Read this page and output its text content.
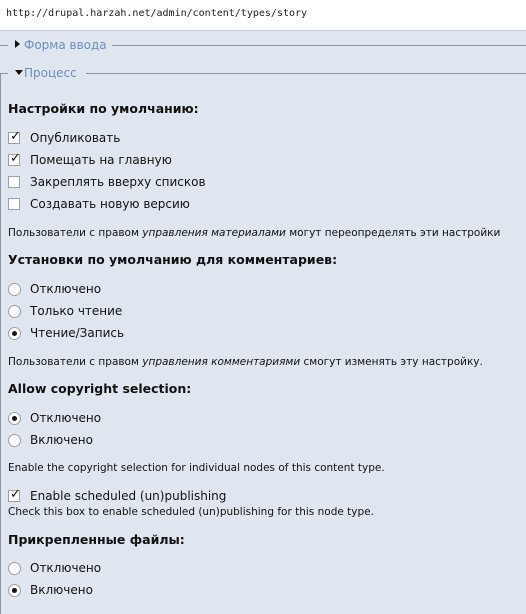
http://drupal.harzah.net/admin/content/types/story
Форма ввода
Процесс
Настройки по умолчанию:
✓ Опубликовать
✓ Помещать на главную
Закреплять вверху списков
Создавать новую версию
Пользователи с правом управления материалами могут переопределять эти настройки
Установки по умолчанию для комментариев:
Отключено
Только чтение
Чтение/Запись
Пользователи с правом управления комментариями смогут изменять эту настройку.
Allow copyright selection:
Отключено
Включено
Enable the copyright selection for individual nodes of this content type.
✓ Enable scheduled (un)publishing
Check this box to enable scheduled (un)publishing for this node type.
Прикрепленные файлы:
Отключено
Включено
